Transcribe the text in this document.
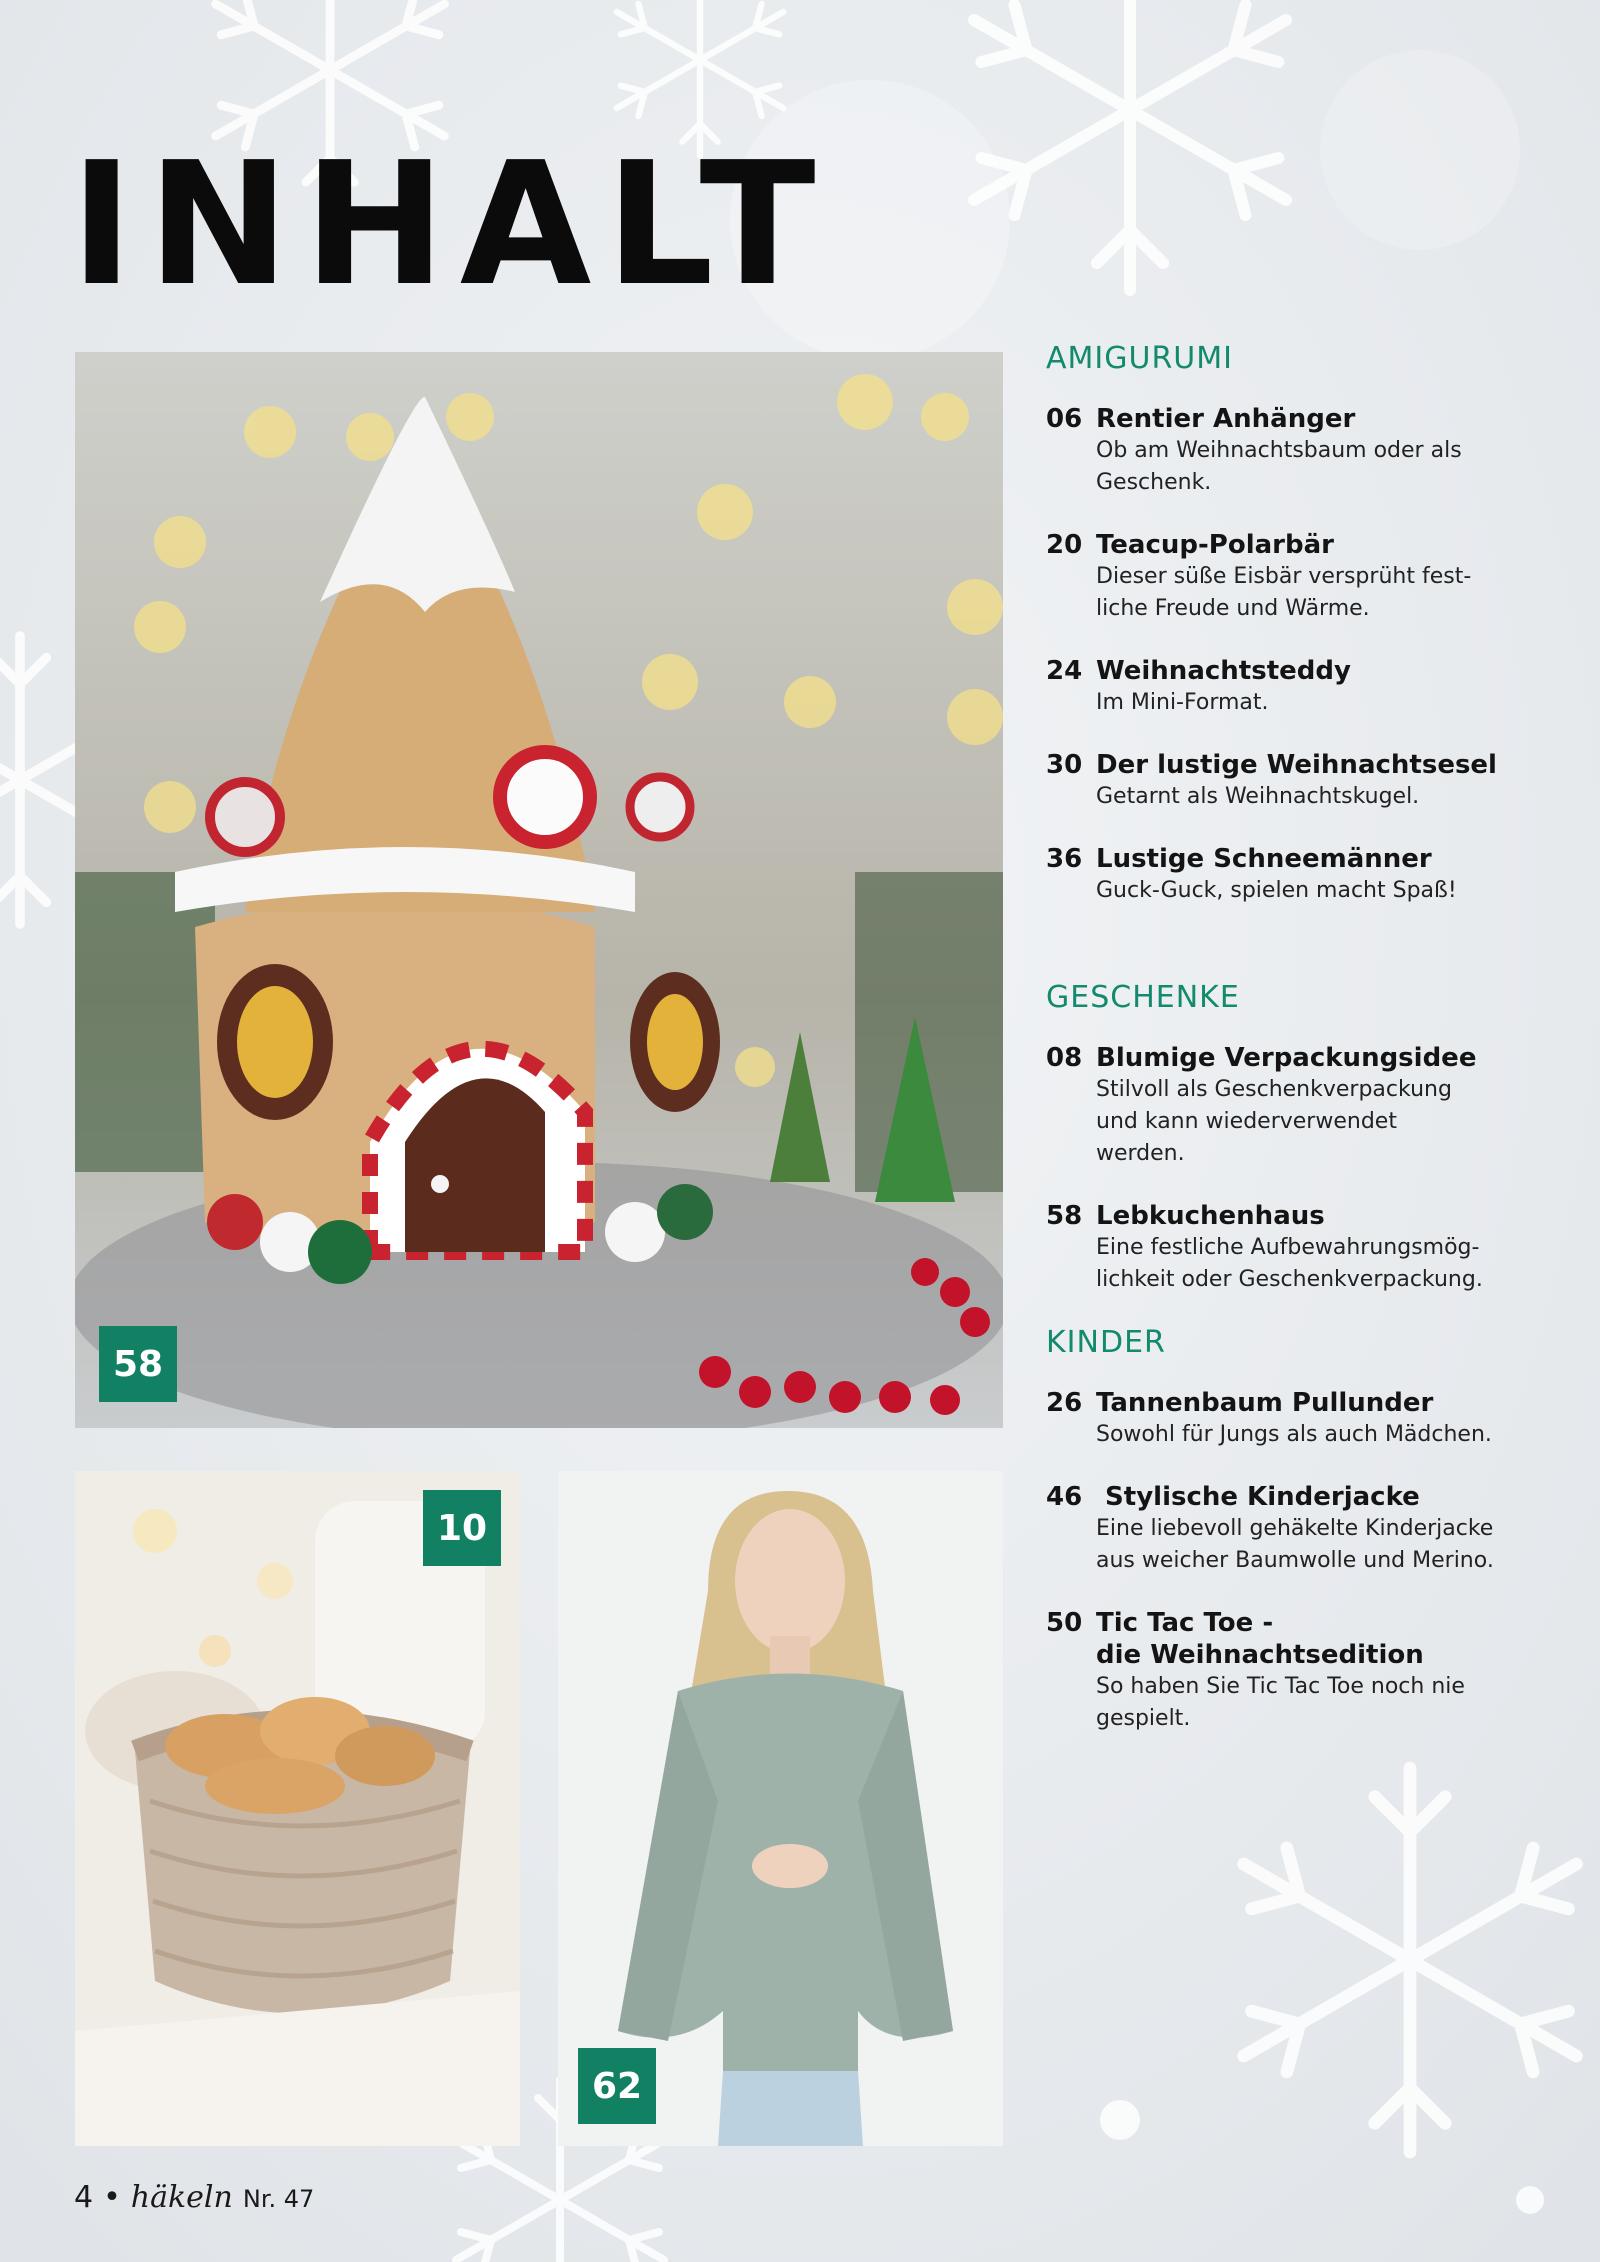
INHALT
58
10
62
AMIGURUMI
06 Rentier Anhänger
Ob am Weihnachtsbaum oder als
Geschenk.
20 Teacup-Polarbär
Dieser süße Eisbär versprüht fest-
liche Freude und Wärme.
24 Weihnachtsteddy
Im Mini-Format.
30 Der lustige Weihnachtsesel
Getarnt als Weihnachtskugel.
36 Lustige Schneemänner
Guck-Guck, spielen macht Spaß!
GESCHENKE
08 Blumige Verpackungsidee
Stilvoll als Geschenkverpackung
und kann wiederverwendet
werden.
58 Lebkuchenhaus
Eine festliche Aufbewahrungsmög-
lichkeit oder Geschenkverpackung.
KINDER
26 Tannenbaum Pullunder
Sowohl für Jungs als auch Mädchen.
46 Stylische Kinderjacke
Eine liebevoll gehäkelte Kinderjacke
aus weicher Baumwolle und Merino.
50 Tic Tac Toe -
die Weihnachtsedition
So haben Sie Tic Tac Toe noch nie
gespielt.
4 • häkeln Nr. 47
